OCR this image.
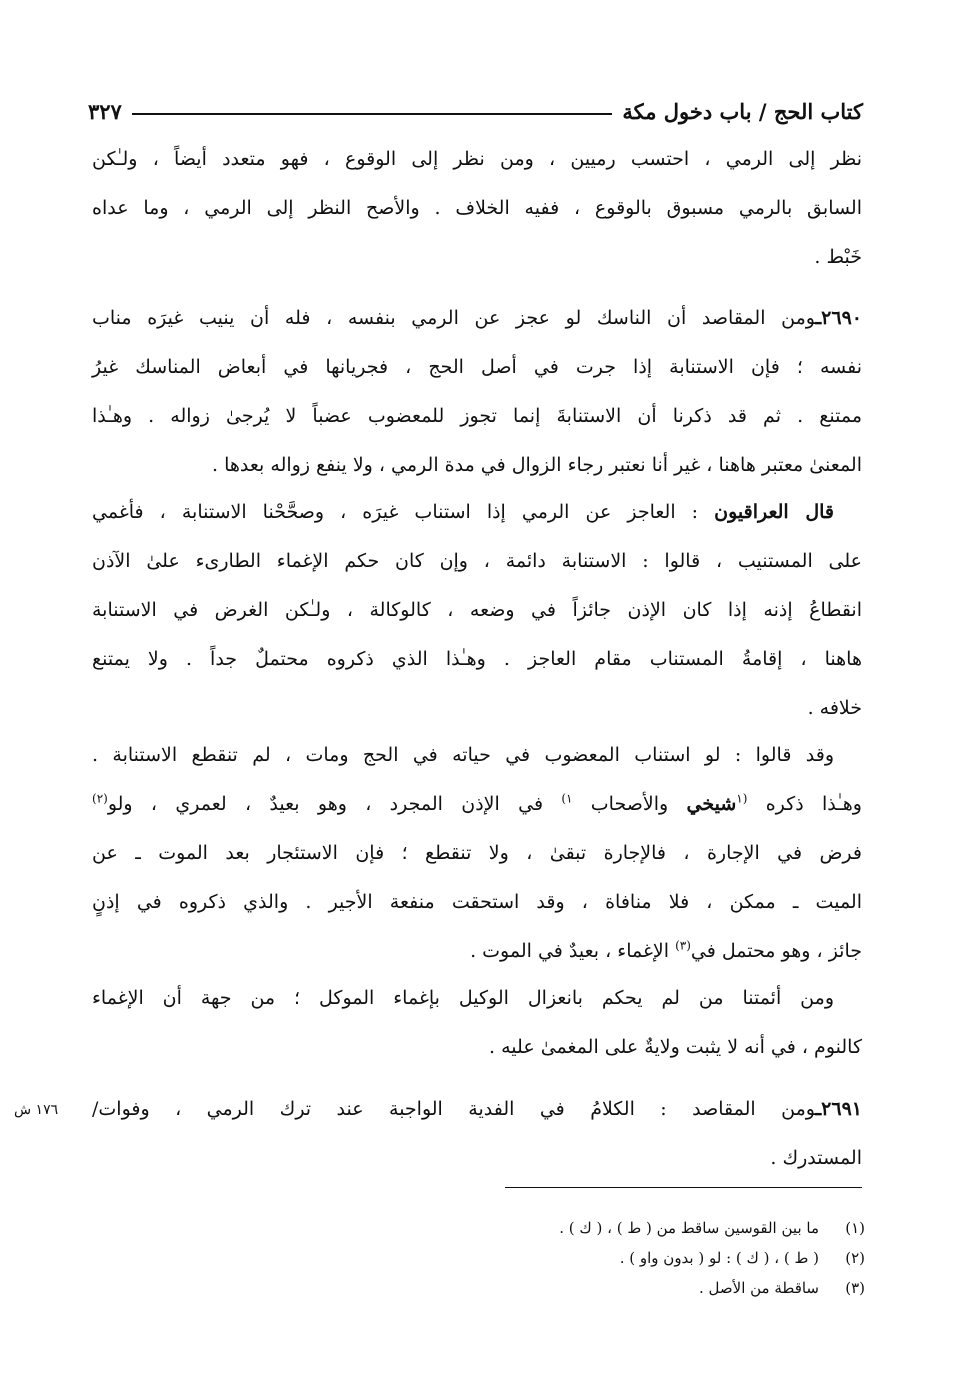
كتاب الحج / باب دخول مكة
٣٢٧
نظر إلى الرمي ، احتسب رميين ، ومن نظر إلى الوقوع ، فهو متعدد أيضاً ، ولـٰكن
السابق بالرمي مسبوق بالوقوع ، ففيه الخلاف . والأصح النظر إلى الرمي ، وما عداه
خَبْط .
٢٦٩٠ـومن المقاصد أن الناسك لو عجز عن الرمي بنفسه ، فله أن ينيب غيرَه مناب
نفسه ؛ فإن الاستنابة إذا جرت في أصل الحج ، فجريانها في أبعاض المناسك غيرُ
ممتنع . ثم قد ذكرنا أن الاستنابةَ إنما تجوز للمعضوب عضباً لا يُرجىٰ زواله . وهـٰذا
المعنىٰ معتبر هاهنا ، غير أنا نعتبر رجاء الزوال في مدة الرمي ، ولا ينفع زواله بعدها .
قال العراقيون : العاجز عن الرمي إذا استناب غيرَه ، وصحَّحْنا الاستنابة ، فأغمي
على المستنيب ، قالوا : الاستنابة دائمة ، وإن كان حكم الإغماء الطارىء علىٰ الآذن
انقطاعُ إذنه إذا كان الإذن جائزاً في وضعه ، كالوكالة ، ولـٰكن الغرض في الاستنابة
هاهنا ، إقامةُ المستناب مقام العاجز . وهـٰذا الذي ذكروه محتملٌ جداً . ولا يمتنع
خلافه .
وقد قالوا : لو استناب المعضوب في حياته في الحج ومات ، لم تنقطع الاستنابة .
وهـٰذا ذكره $^{(١}$شيخي والأصحاب $^{١)}$ في الإذن المجرد ، وهو بعيدٌ ، لعمري ، ولو$^{(٢)}$
فرض في الإجارة ، فالإجارة تبقىٰ ، ولا تنقطع ؛ فإن الاستئجار بعد الموت ـ عن
الميت ـ ممكن ، فلا منافاة ، وقد استحقت منفعة الأجير . والذي ذكروه في إذنٍ
جائز ، وهو محتمل في$^{(٣)}$ الإغماء ، بعيدٌ في الموت .
ومن أئمتنا من لم يحكم بانعزال الوكيل بإغماء الموكل ؛ من جهة أن الإغماء
كالنوم ، في أنه لا يثبت ولايةٌ على المغمىٰ عليه .
٢٦٩١ـومن المقاصد : الكلامُ في الفدية الواجبة عند ترك الرمي ، وفوات/
المستدرك .
١٧٦ ش
(١)ما بين القوسين ساقط من ( ط ) ، ( ك ) .
(٢)( ط ) ، ( ك ) : لو ( بدون واو ) .
(٣)ساقطة من الأصل .
